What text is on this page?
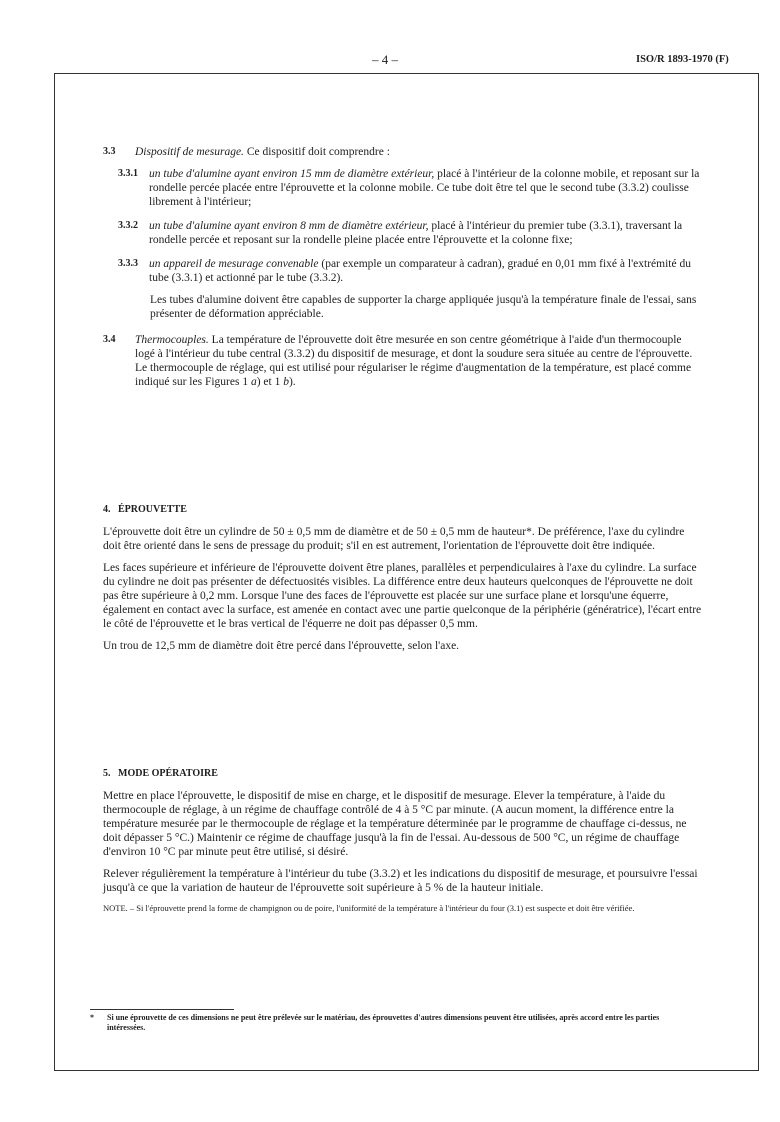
– 4 –	ISO/R 1893-1970 (F)
3.3 Dispositif de mesurage. Ce dispositif doit comprendre :
3.3.1 un tube d'alumine ayant environ 15 mm de diamètre extérieur, placé à l'intérieur de la colonne mobile, et reposant sur la rondelle percée placée entre l'éprouvette et la colonne mobile. Ce tube doit être tel que le second tube (3.3.2) coulisse librement à l'intérieur;
3.3.2 un tube d'alumine ayant environ 8 mm de diamètre extérieur, placé à l'intérieur du premier tube (3.3.1), traversant la rondelle percée et reposant sur la rondelle pleine placée entre l'éprouvette et la colonne fixe;
3.3.3 un appareil de mesurage convenable (par exemple un comparateur à cadran), gradué en 0,01 mm fixé à l'extrémité du tube (3.3.1) et actionné par le tube (3.3.2).
Les tubes d'alumine doivent être capables de supporter la charge appliquée jusqu'à la température finale de l'essai, sans présenter de déformation appréciable.
3.4 Thermocouples. La température de l'éprouvette doit être mesurée en son centre géométrique à l'aide d'un thermocouple logé à l'intérieur du tube central (3.3.2) du dispositif de mesurage, et dont la soudure sera située au centre de l'éprouvette. Le thermocouple de réglage, qui est utilisé pour régulariser le régime d'augmentation de la température, est placé comme indiqué sur les Figures 1 a) et 1 b).
4. ÉPROUVETTE
L'éprouvette doit être un cylindre de 50 ± 0,5 mm de diamètre et de 50 ± 0,5 mm de hauteur*. De préférence, l'axe du cylindre doit être orienté dans le sens de pressage du produit; s'il en est autrement, l'orientation de l'éprouvette doit être indiquée.
Les faces supérieure et inférieure de l'éprouvette doivent être planes, parallèles et perpendiculaires à l'axe du cylindre. La surface du cylindre ne doit pas présenter de défectuosités visibles. La différence entre deux hauteurs quelconques de l'éprouvette ne doit pas être supérieure à 0,2 mm. Lorsque l'une des faces de l'éprouvette est placée sur une surface plane et lorsqu'une équerre, également en contact avec la surface, est amenée en contact avec une partie quelconque de la périphérie (génératrice), l'écart entre le côté de l'éprouvette et le bras vertical de l'équerre ne doit pas dépasser 0,5 mm.
Un trou de 12,5 mm de diamètre doit être percé dans l'éprouvette, selon l'axe.
5. MODE OPÉRATOIRE
Mettre en place l'éprouvette, le dispositif de mise en charge, et le dispositif de mesurage. Elever la température, à l'aide du thermocouple de réglage, à un régime de chauffage contrôlé de 4 à 5 °C par minute. (A aucun moment, la différence entre la température mesurée par le thermocouple de réglage et la température déterminée par le programme de chauffage ci-dessus, ne doit dépasser 5 °C.) Maintenir ce régime de chauffage jusqu'à la fin de l'essai. Au-dessous de 500 °C, un régime de chauffage d'environ 10 °C par minute peut être utilisé, si désiré.
Relever régulièrement la température à l'intérieur du tube (3.3.2) et les indications du dispositif de mesurage, et poursuivre l'essai jusqu'à ce que la variation de hauteur de l'éprouvette soit supérieure à 5 % de la hauteur initiale.
NOTE. – Si l'éprouvette prend la forme de champignon ou de poire, l'uniformité de la température à l'intérieur du four (3.1) est suspecte et doit être vérifiée.
*	Si une éprouvette de ces dimensions ne peut être prélevée sur le matériau, des éprouvettes d'autres dimensions peuvent être utilisées, après accord entre les parties intéressées.
